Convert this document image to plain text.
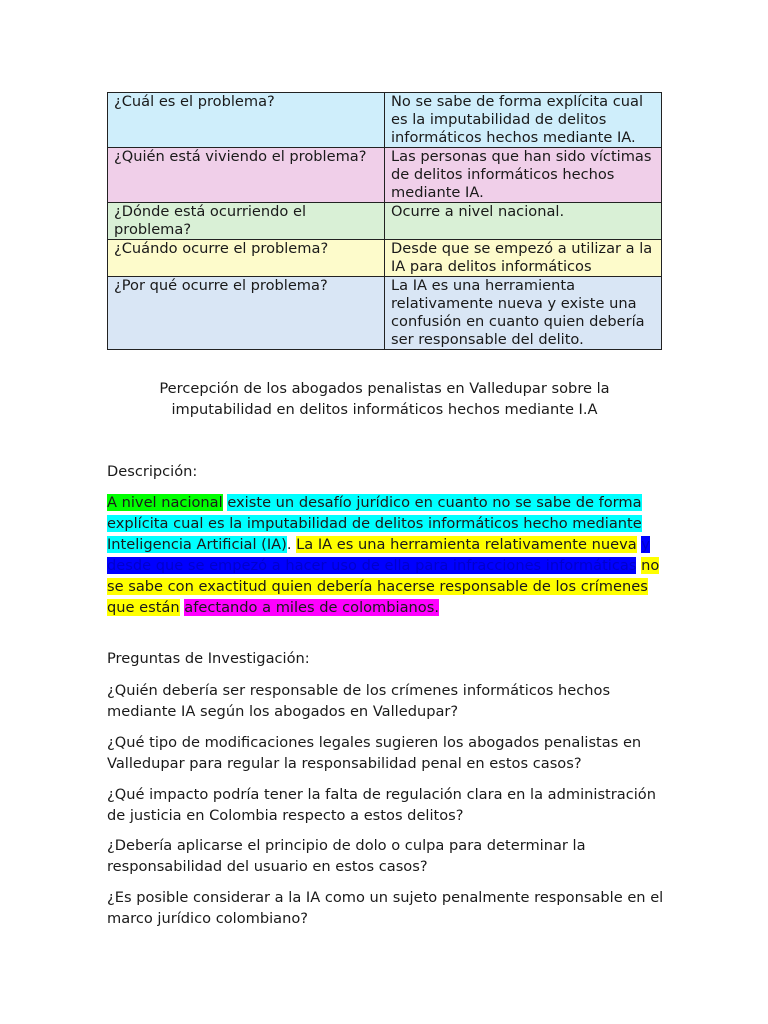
¿Cuál es el problema?	No se sabe de forma explícita cual es la imputabilidad de delitos informáticos hechos mediante IA.
¿Quién está viviendo el problema?	Las personas que han sido víctimas de delitos informáticos hechos mediante IA.
¿Dónde está ocurriendo el problema?	Ocurre a nivel nacional.
¿Cuándo ocurre el problema?	Desde que se empezó a utilizar a la IA para delitos informáticos
¿Por qué ocurre el problema?	La IA es una herramienta relativamente nueva y existe una confusión en cuanto quien debería ser responsable del delito.
Percepción de los abogados penalistas en Valledupar sobre la imputabilidad en delitos informáticos hechos mediante I.A
Descripción:

A nivel nacional existe un desafío jurídico en cuanto no se sabe de forma explícita cual es la imputabilidad de delitos informáticos hecho mediante Inteligencia Artificial (IA). La IA es una herramienta relativamente nueva y desde que se empezó a hacer uso de ella para infracciones informáticas no se sabe con exactitud quien debería hacerse responsable de los crímenes que están afectando a miles de colombianos.

Preguntas de Investigación:
¿Quién debería ser responsable de los crímenes informáticos hechos mediante IA según los abogados en Valledupar?
¿Qué tipo de modificaciones legales sugieren los abogados penalistas en Valledupar para regular la responsabilidad penal en estos casos?
¿Qué impacto podría tener la falta de regulación clara en la administración de justicia en Colombia respecto a estos delitos?
¿Debería aplicarse el principio de dolo o culpa para determinar la responsabilidad del usuario en estos casos?
¿Es posible considerar a la IA como un sujeto penalmente responsable en el marco jurídico colombiano?
